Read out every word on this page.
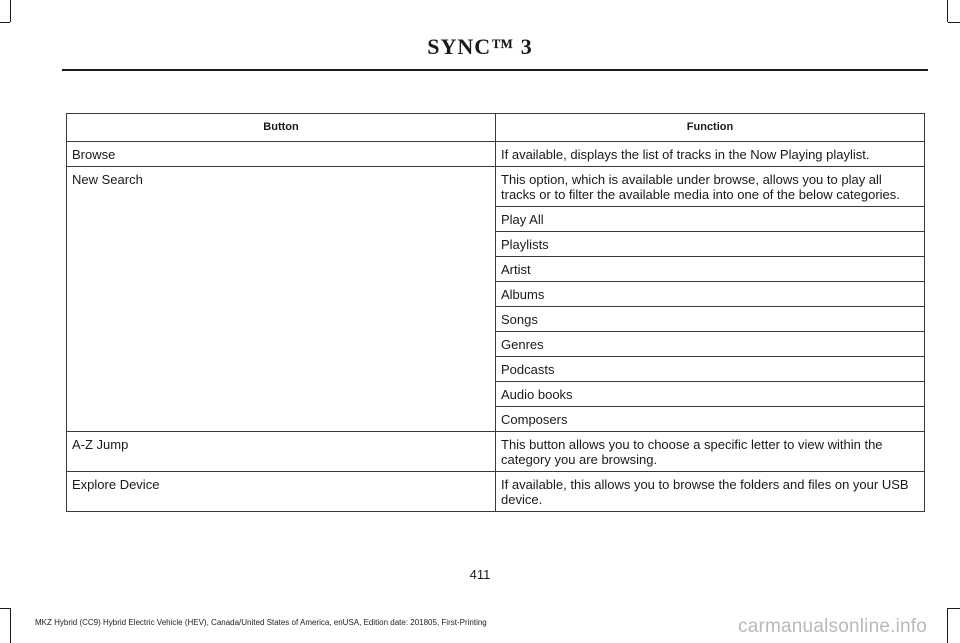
SYNC™ 3
Button	Function
Browse	If available, displays the list of tracks in the Now Playing playlist.
New Search	This option, which is available under browse, allows you to play all tracks or to filter the available media into one of the below categories.
	Play All
	Playlists
	Artist
	Albums
	Songs
	Genres
	Podcasts
	Audio books
	Composers
A-Z Jump	This button allows you to choose a specific letter to view within the category you are browsing.
Explore Device	If available, this allows you to browse the folders and files on your USB device.
411
MKZ Hybrid (CC9) Hybrid Electric Vehicle (HEV), Canada/United States of America, enUSA, Edition date: 201805, First-Printing	carmanualsonline.info
